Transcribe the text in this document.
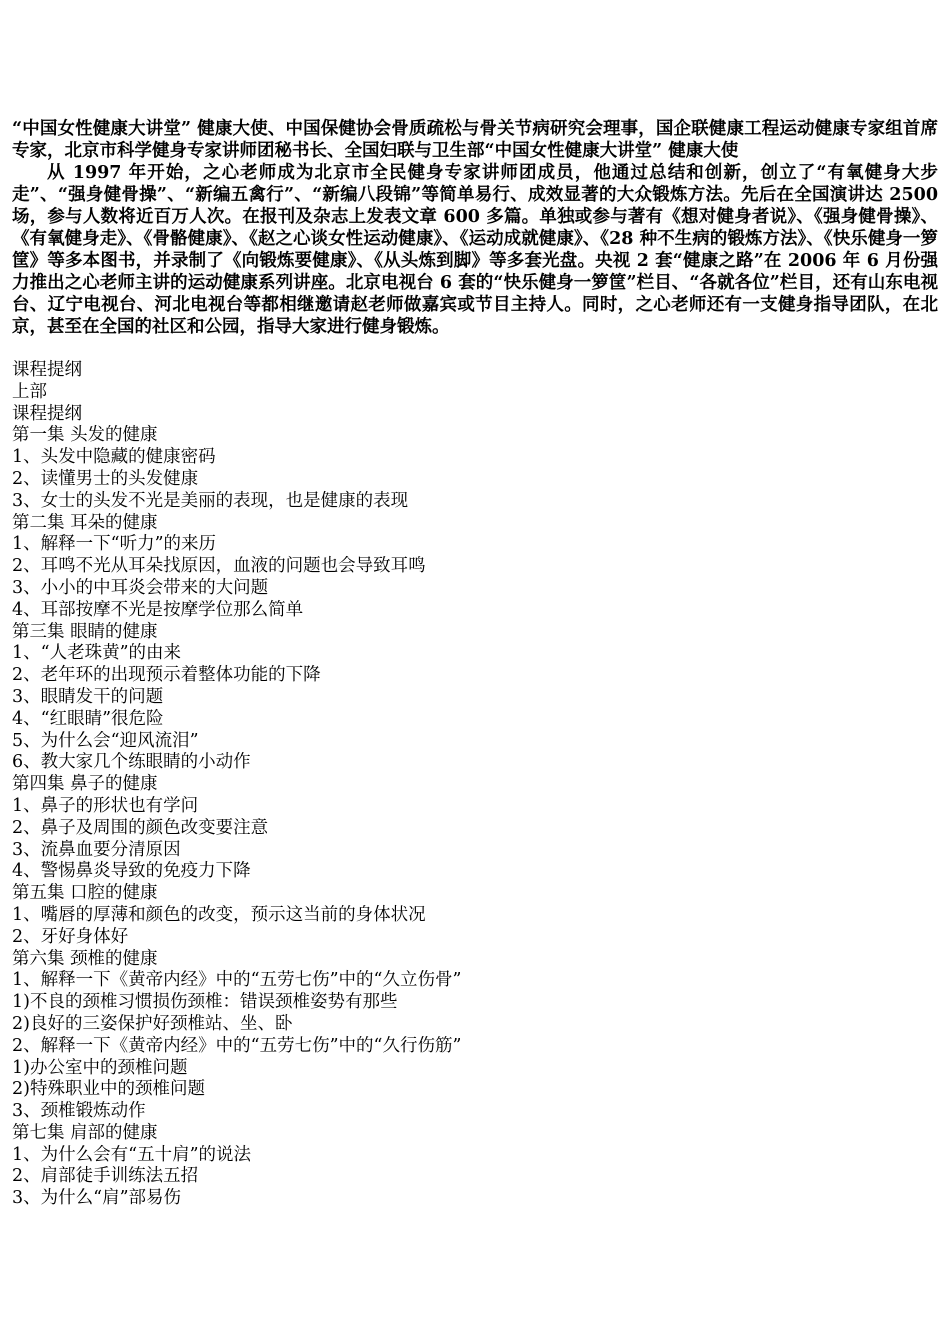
“中国女性健康大讲堂” 健康大使、中国保健协会骨质疏松与骨关节病研究会理事，国企联健康工程运动健康专家组首席专家，北京市科学健身专家讲师团秘书长、全国妇联与卫生部“中国女性健康大讲堂” 健康大使

从 1997 年开始，之心老师成为北京市全民健身专家讲师团成员，他通过总结和创新，创立了“有氧健身大步走”、“强身健骨操”、“新编五禽行”、“新编八段锦”等简单易行、成效显著的大众锻炼方法。先后在全国演讲达 2500 场，参与人数将近百万人次。在报刊及杂志上发表文章 600 多篇。单独或参与著有《想对健身者说》、《强身健骨操》、《有氧健身走》、《骨骼健康》、《赵之心谈女性运动健康》、《运动成就健康》、《28 种不生病的锻炼方法》、《快乐健身一箩筐》等多本图书，并录制了《向锻炼要健康》、《从头炼到脚》等多套光盘。央视 2 套“健康之路”在 2006 年 6 月份强力推出之心老师主讲的运动健康系列讲座。北京电视台 6 套的“快乐健身一箩筐”栏目、“各就各位”栏目，还有山东电视台、辽宁电视台、河北电视台等都相继邀请赵老师做嘉宾或节目主持人。同时，之心老师还有一支健身指导团队，在北京，甚至在全国的社区和公园，指导大家进行健身锻炼。

课程提纲
上部
课程提纲
第一集 头发的健康
1、头发中隐藏的健康密码
2、读懂男士的头发健康
3、女士的头发不光是美丽的表现，也是健康的表现
第二集 耳朵的健康
1、解释一下“听力”的来历
2、耳鸣不光从耳朵找原因，血液的问题也会导致耳鸣
3、小小的中耳炎会带来的大问题
4、耳部按摩不光是按摩学位那么简单
第三集 眼睛的健康
1、“人老珠黄”的由来
2、老年环的出现预示着整体功能的下降
3、眼睛发干的问题
4、“红眼睛”很危险
5、为什么会“迎风流泪”
6、教大家几个练眼睛的小动作
第四集 鼻子的健康
1、鼻子的形状也有学问
2、鼻子及周围的颜色改变要注意
3、流鼻血要分清原因
4、警惕鼻炎导致的免疫力下降
第五集 口腔的健康
1、嘴唇的厚薄和颜色的改变，预示这当前的身体状况
2、牙好身体好
第六集 颈椎的健康
1、解释一下《黄帝内经》中的“五劳七伤”中的“久立伤骨”
1)不良的颈椎习惯损伤颈椎：错误颈椎姿势有那些
2)良好的三姿保护好颈椎站、坐、卧
2、解释一下《黄帝内经》中的“五劳七伤”中的“久行伤筋”
1)办公室中的颈椎问题
2)特殊职业中的颈椎问题
3、颈椎锻炼动作
第七集 肩部的健康
1、为什么会有“五十肩”的说法
2、肩部徒手训练法五招
3、为什么“肩”部易伤
